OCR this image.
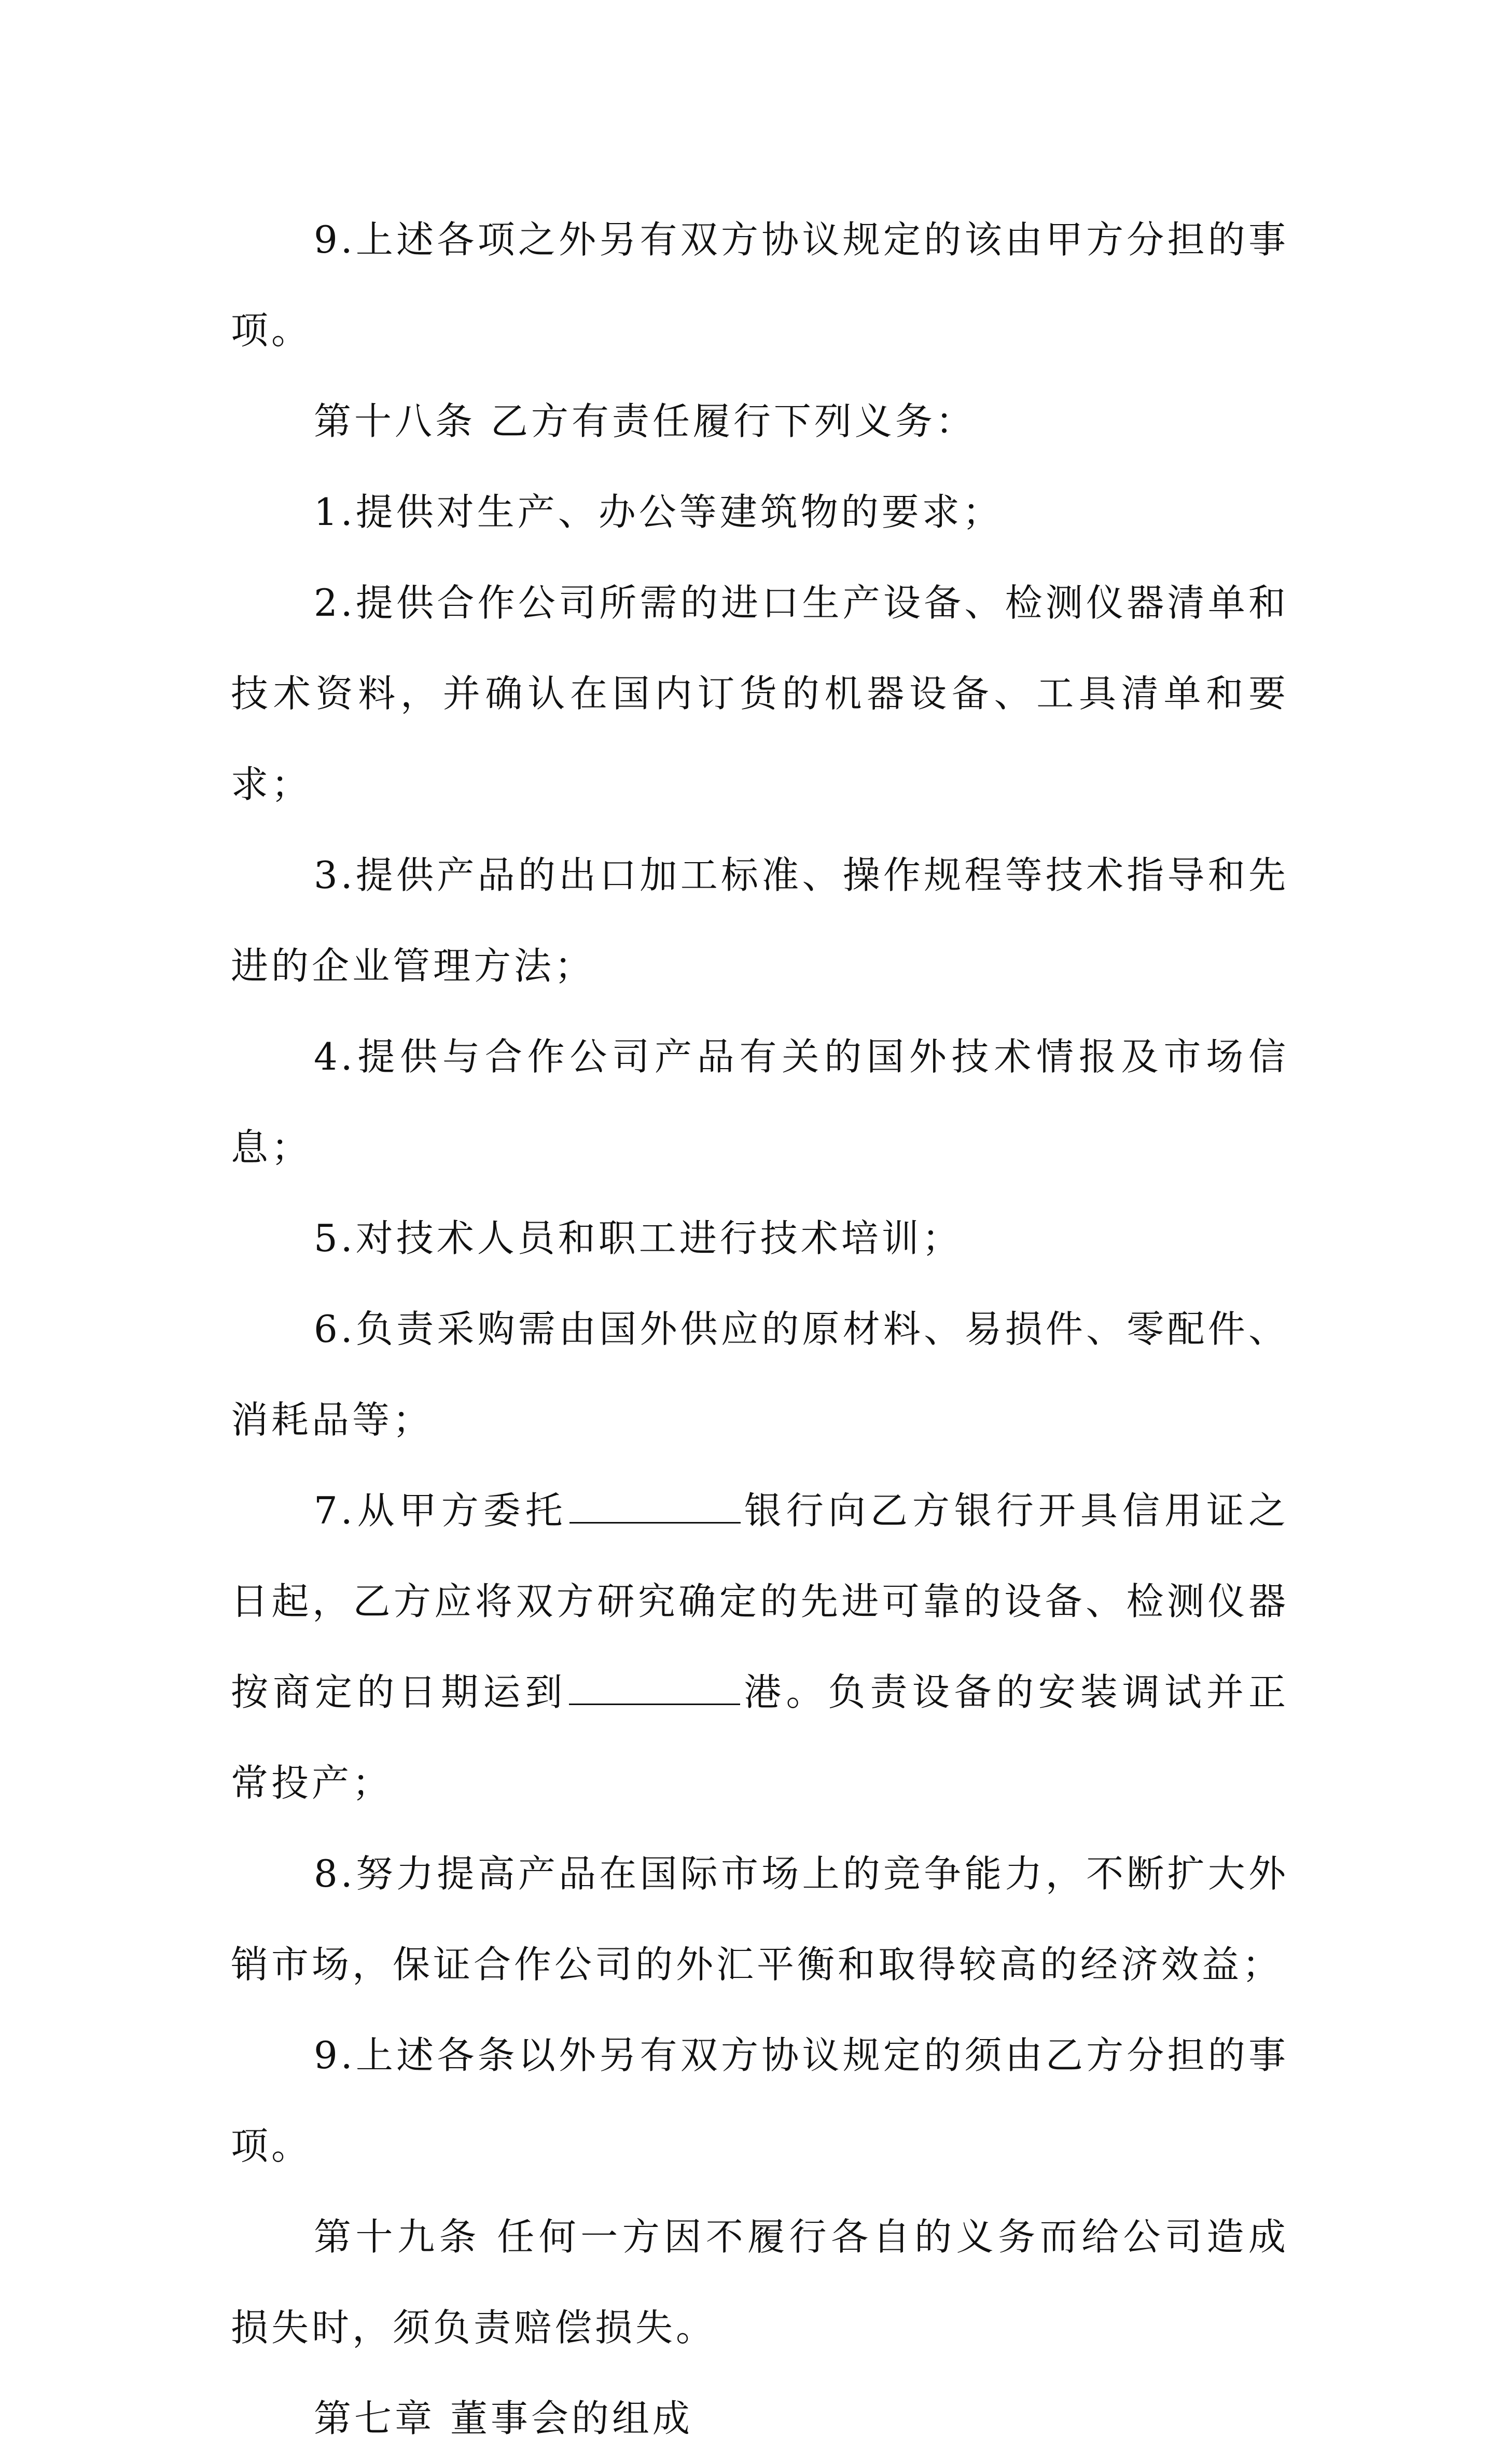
9.上述各项之外另有双方协议规定的该由甲方分担的事项。

第十八条 乙方有责任履行下列义务：

1.提供对生产、办公等建筑物的要求；

2.提供合作公司所需的进口生产设备、检测仪器清单和技术资料，并确认在国内订货的机器设备、工具清单和要求；

3.提供产品的出口加工标准、操作规程等技术指导和先进的企业管理方法；

4.提供与合作公司产品有关的国外技术情报及市场信息；

5.对技术人员和职工进行技术培训；

6.负责采购需由国外供应的原材料、易损件、零配件、消耗品等；

7.从甲方委托	银行向乙方银行开具信用证之日起，乙方应将双方研究确定的先进可靠的设备、检测仪器按商定的日期运到	港。负责设备的安装调试并正常投产；

8.努力提高产品在国际市场上的竞争能力，不断扩大外销市场，保证合作公司的外汇平衡和取得较高的经济效益；

9.上述各条以外另有双方协议规定的须由乙方分担的事项。

第十九条 任何一方因不履行各自的义务而给公司造成损失时，须负责赔偿损失。

第七章 董事会的组成
